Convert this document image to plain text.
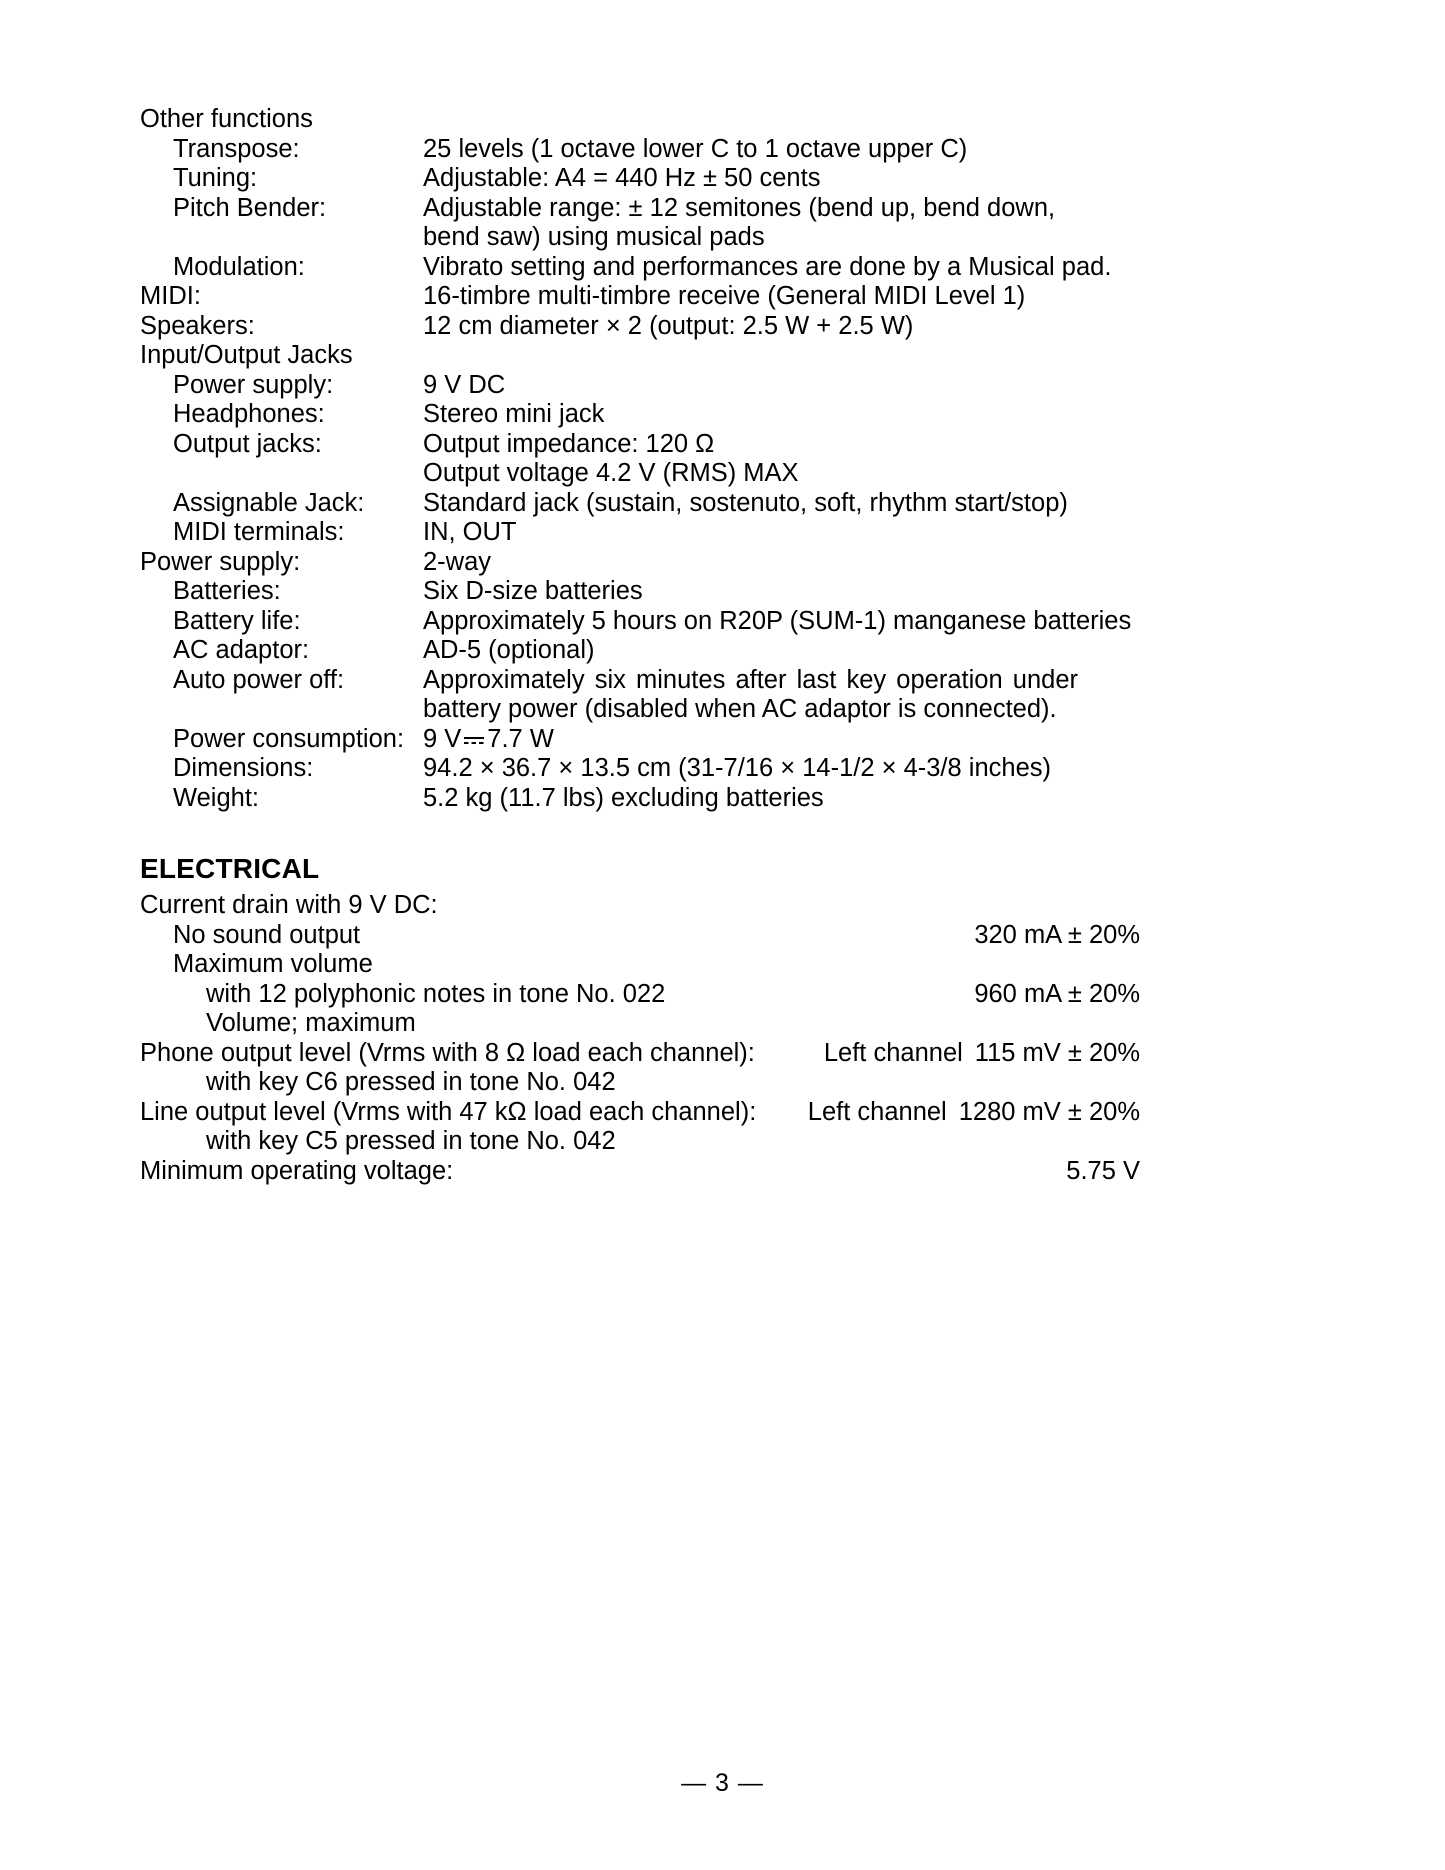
Other functions
Transpose:	25 levels (1 octave lower C to 1 octave upper C)
Tuning:	Adjustable: A4 = 440 Hz ± 50 cents
Pitch Bender:	Adjustable range: ± 12 semitones (bend up, bend down, bend saw) using musical pads
Modulation:	Vibrato setting and performances are done by a Musical pad.
MIDI:	16-timbre multi-timbre receive (General MIDI Level 1)
Speakers:	12 cm diameter × 2 (output: 2.5 W + 2.5 W)
Input/Output Jacks
Power supply:	9 V DC
Headphones:	Stereo mini jack
Output jacks:	Output impedance: 120 Ω
Output voltage 4.2 V (RMS) MAX
Assignable Jack:	Standard jack (sustain, sostenuto, soft, rhythm start/stop)
MIDI terminals:	IN, OUT
Power supply:	2-way
Batteries:	Six D-size batteries
Battery life:	Approximately 5 hours on R20P (SUM-1) manganese batteries
AC adaptor:	AD-5 (optional)
Auto power off:	Approximately six minutes after last key operation under battery power (disabled when AC adaptor is connected).
Power consumption: 9 V 7.7 W
Dimensions:	94.2 × 36.7 × 13.5 cm (31-7/16 × 14-1/2 × 4-3/8 inches)
Weight:	5.2 kg (11.7 lbs) excluding batteries
ELECTRICAL
Current drain with 9 V DC:
No sound output	320 mA ± 20%
Maximum volume
with 12 polyphonic notes in tone No. 022	960 mA ± 20%
Volume; maximum
Phone output level (Vrms with 8 Ω load each channel):	Left channel 115 mV ± 20%
with key C6 pressed in tone No. 042
Line output level (Vrms with 47 kΩ load each channel):	Left channel 1280 mV ± 20%
with key C5 pressed in tone No. 042
Minimum operating voltage:	5.75 V
— 3 —
